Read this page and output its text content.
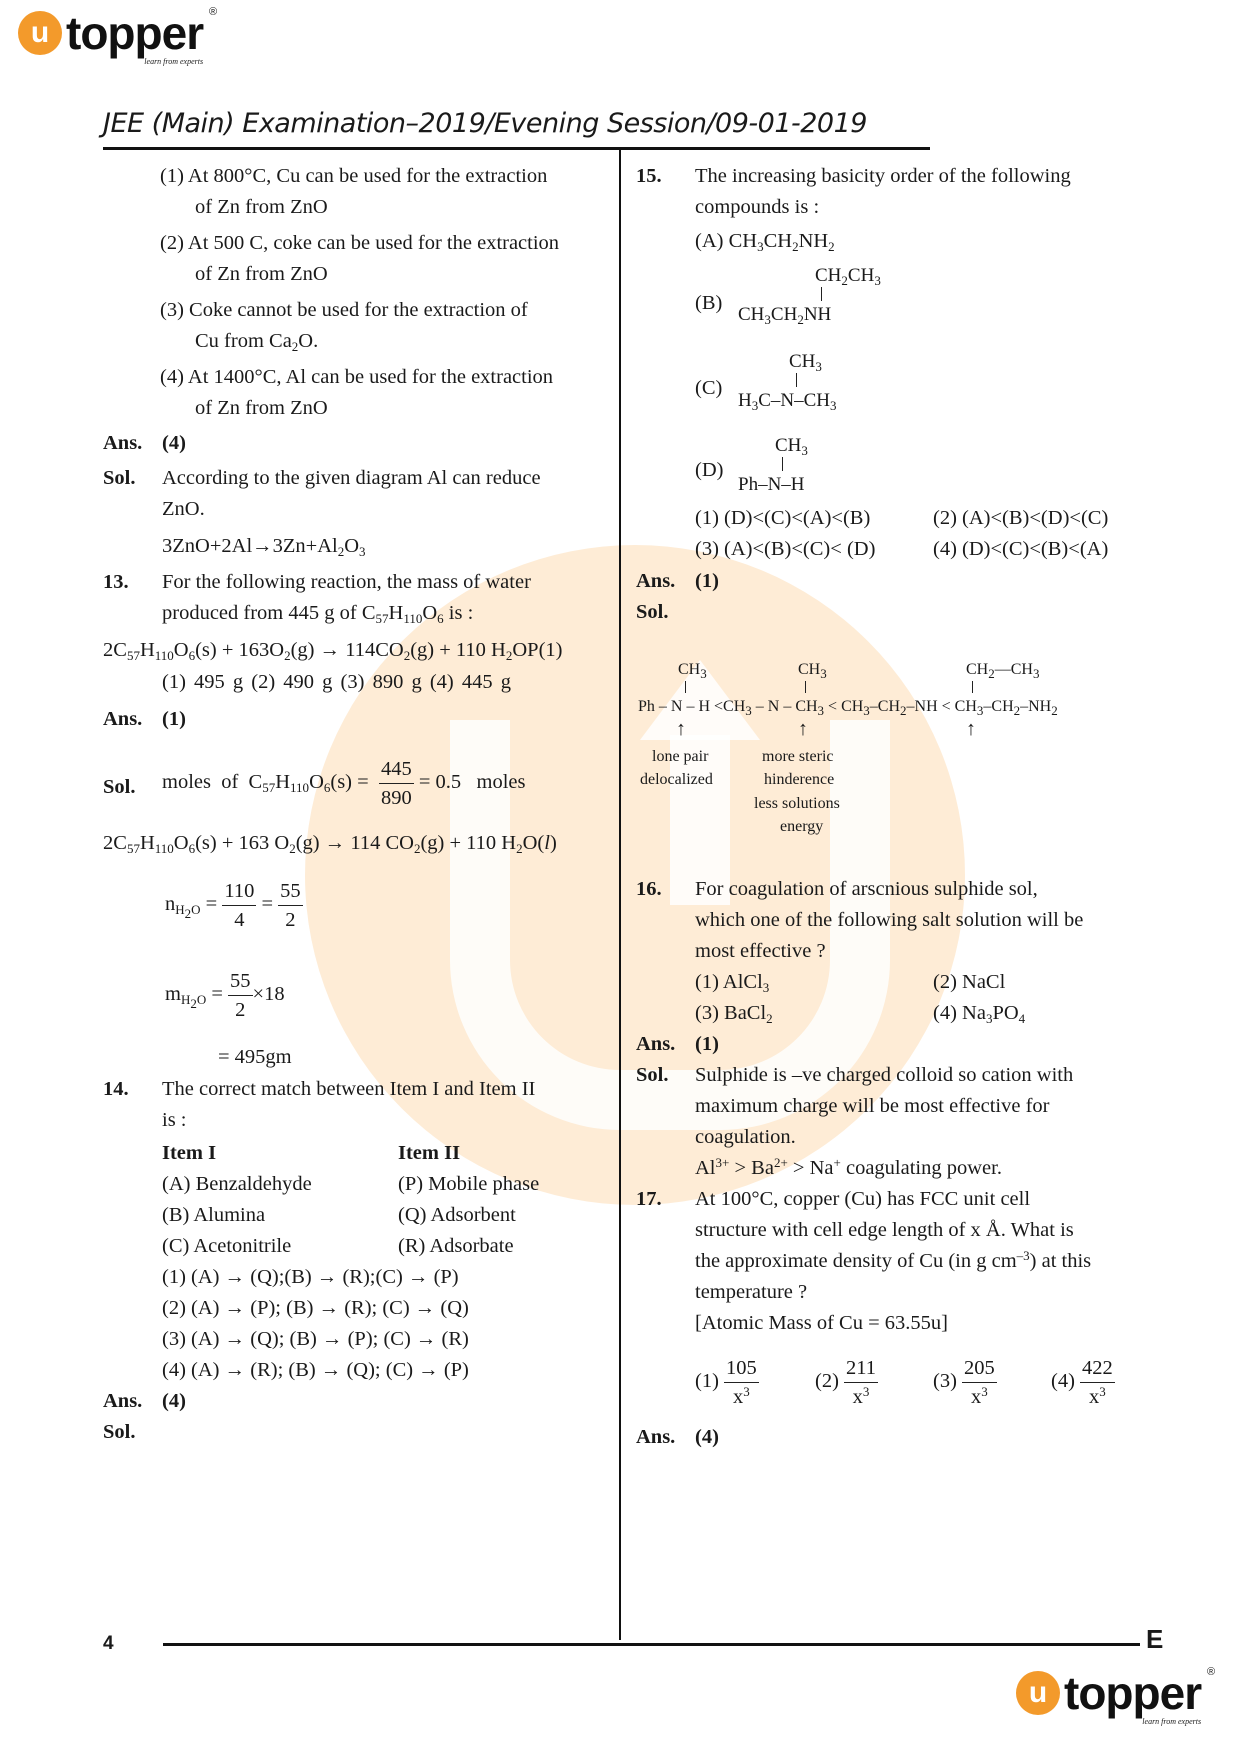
u topper ®
learn from experts
JEE (Main) Examination–2019/Evening Session/09-01-2019
(1) At 800°C, Cu can be used for the extraction
of Zn from ZnO
(2) At 500 C, coke can be used for the extraction
of Zn from ZnO
(3) Coke cannot be used for the extraction of
Cu from $Ca_2O$.
(4) At 1400°C, Al can be used for the extraction
of Zn from ZnO
Ans. (4)
Sol. According to the given diagram Al can reduce
ZnO.
$3ZnO+2Al\to 3Zn+Al_2O_3$
13. For the following reaction, the mass of water
produced from 445 g of $C_{57}H_{110}O_6$ is :
$2C_{57}H_{110}O_6(s) + 163O_2(g) \to 114CO_2(g) + 110$ $H_2OP(1)$
(1) 495 g (2) 490 g (3) 890 g (4) 445 g
Ans. (1)
Sol. moles  of  $C_{57}H_{110}O_6(s) = \frac{445}{890} = 0.5$ moles
$2C_{57}H_{110}O_6(s) + 163$ $O_2(g) \to 114$ $CO_2(g) + 110$ $H_2O(l)$
$n_{H_2O} = \frac{110}{4} = \frac{55}{2}$
$m_{H_2O} = \frac{55}{2} \times 18$
= 495gm
14. The correct match between Item I and Item II
is :
Item I	Item II
(A) Benzaldehyde	(P) Mobile phase
(B) Alumina	(Q) Adsorbent
(C) Acetonitrile	(R) Adsorbate
(1) (A) → (Q);(B) → (R);(C) → (P)
(2) (A) → (P); (B) → (R); (C) → (Q)
(3) (A) → (Q); (B) → (P); (C) → (R)
(4) (A) → (R); (B) → (Q); (C) → (P)
Ans. (4)
Sol.
15. The increasing basicity order of the following
compounds is :
(A) $CH_3CH_2NH_2$
(B)
$CH_2CH_3$
$CH_3CH_2NH$
(C)
$CH_3$
$H_3C-N-CH_3$
(D)
$CH_3$
Ph–N–H
(1) (D)<(C)<(A)<(B)	(2) (A)<(B)<(D)<(C)
(3) (A)<(B)<(C)< (D)	(4) (D)<(C)<(B)<(A)
Ans. (1)
Sol.
$CH_3$	$CH_3$	$CH_2—CH_3$
$Ph - N - H <CH_3 - N - CH_3 < CH_3-CH_2-NH < CH_3-CH_2-NH_2$
↑	↑	↑
lone pair
delocalized
more steric
hinderence
less solutions
energy
16. For coagulation of arscnious sulphide sol,
which one of the following salt solution will be
most effective ?
(1) AlCl$_3$	(2) NaCl
(3) BaCl$_2$	(4) $Na_3PO_4$
Ans. (1)
Sol. Sulphide is –ve charged colloid so cation with
maximum charge will be most effective for
coagulation.
$Al^{3+} > Ba^{2+} > Na^+$ coagulating power.
17. At 100°C, copper (Cu) has FCC unit cell
structure with cell edge length of x Å. What is
the approximate density of Cu (in g $cm^{-3}$) at this
temperature ?
[Atomic Mass of Cu = 63.55u]
$(1) \frac{105}{x^3}$	$(2) \frac{211}{x^3}$	$(3) \frac{205}{x^3}$	$(4) \frac{422}{x^3}$
Ans. (4)
4	E
u topper ®
learn from experts
